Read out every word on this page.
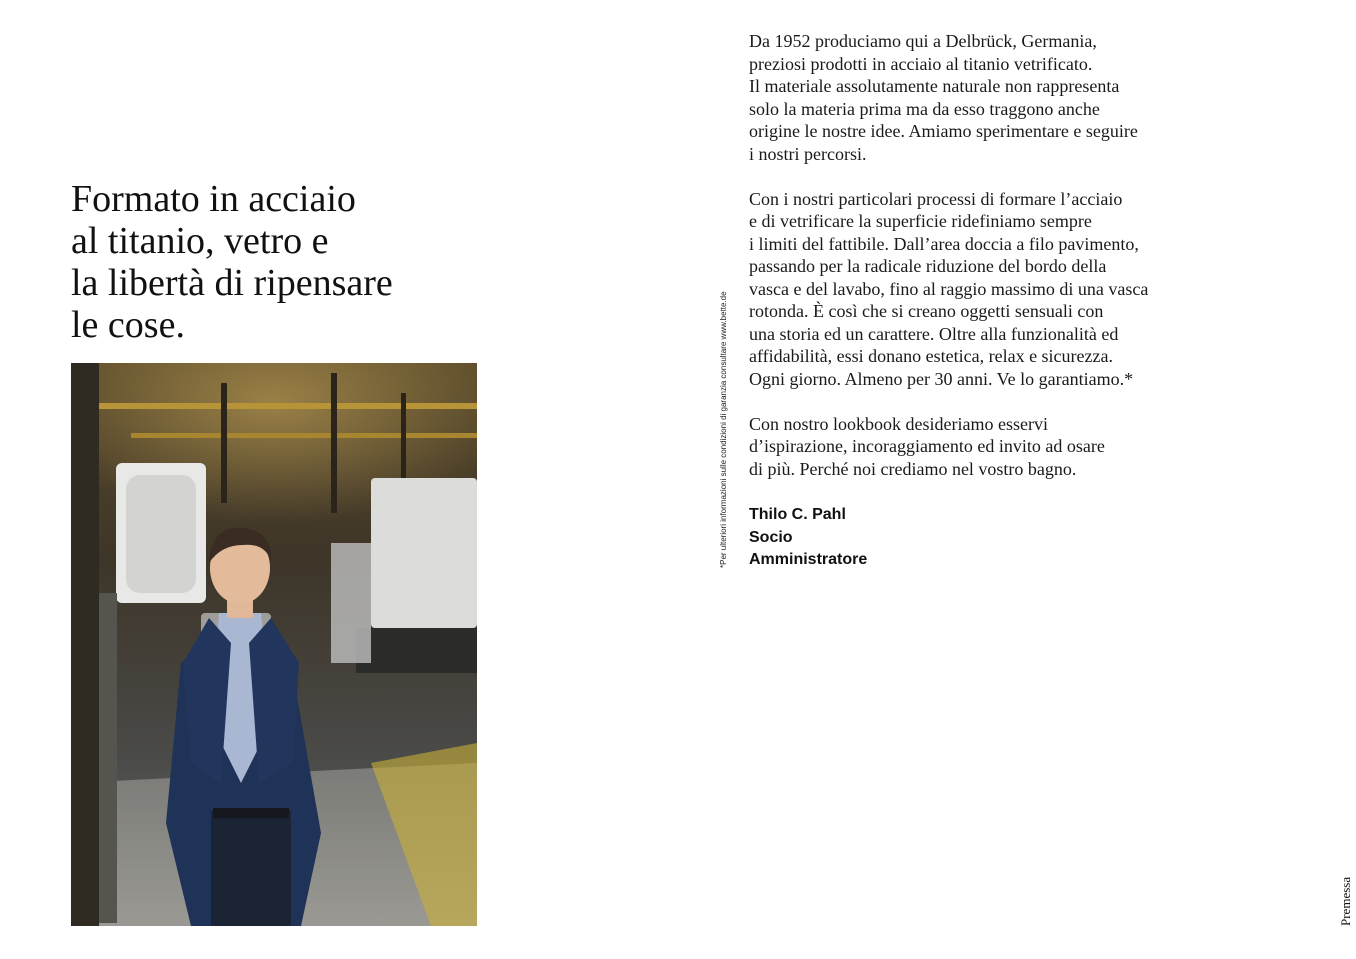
Formato in acciaio
al titanio, vetro e
la libertà di ripensare
le cose.	*Per ulteriori informazioni sulle condizioni di garanzia consultare www.bette.de

Da 1952 produciamo qui a Delbrück, Germania,
preziosi prodotti in acciaio al titanio vetrificato.
Il materiale assolutamente naturale non rappresenta
solo la materia prima ma da esso traggono anche
origine le nostre idee. Amiamo sperimentare e seguire
i nostri percorsi.

Con i nostri particolari processi di formare l’acciaio
e di vetrificare la superficie ridefiniamo sempre
i limiti del fattibile. Dall’area doccia a filo pavimento,
passando per la radicale riduzione del bordo della
vasca e del lavabo, fino al raggio massimo di una vasca
rotonda. È così che si creano oggetti sensuali con
una storia ed un carattere. Oltre alla funzionalità ed
affidabilità, essi donano estetica, relax e sicurezza.
Ogni giorno. Almeno per 30 anni. Ve lo garantiamo.*

Con nostro lookbook desideriamo esservi
d’ispirazione, incoraggiamento ed invito ad osare
di più. Perché noi crediamo nel vostro bagno.

Thilo C. Pahl
Socio
Amministratore
Premessa
